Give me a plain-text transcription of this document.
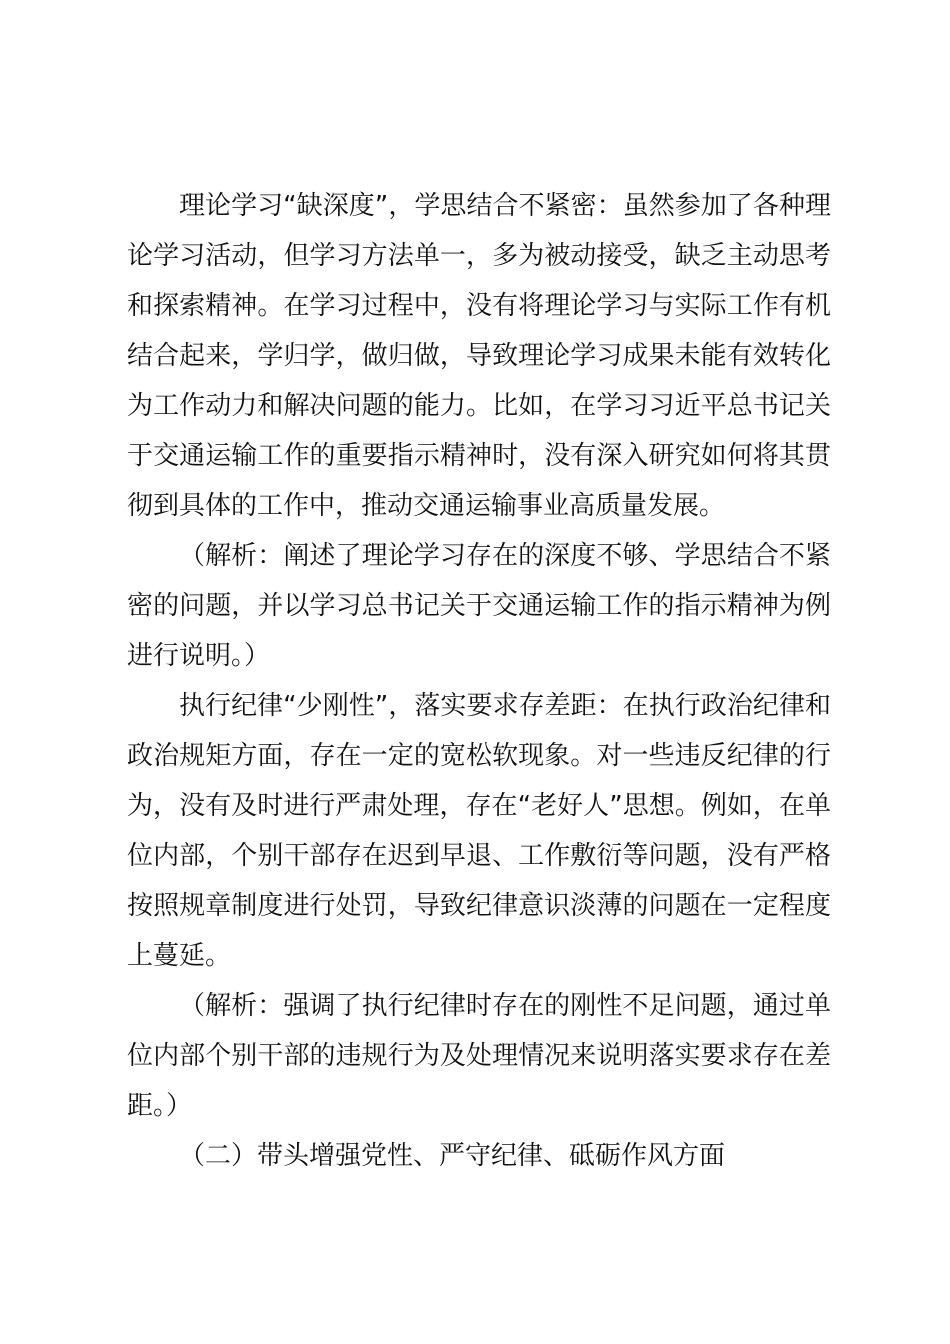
理论学习“缺深度”，学思结合不紧密：虽然参加了各种理论学习活动，但学习方法单一，多为被动接受，缺乏主动思考和探索精神。在学习过程中，没有将理论学习与实际工作有机结合起来，学归学，做归做，导致理论学习成果未能有效转化为工作动力和解决问题的能力。比如，在学习习近平总书记关于交通运输工作的重要指示精神时，没有深入研究如何将其贯彻到具体的工作中，推动交通运输事业高质量发展。

（解析：阐述了理论学习存在的深度不够、学思结合不紧密的问题，并以学习总书记关于交通运输工作的指示精神为例进行说明。）

执行纪律“少刚性”，落实要求存差距：在执行政治纪律和政治规矩方面，存在一定的宽松软现象。对一些违反纪律的行为，没有及时进行严肃处理，存在“老好人”思想。例如，在单位内部，个别干部存在迟到早退、工作敷衍等问题，没有严格按照规章制度进行处罚，导致纪律意识淡薄的问题在一定程度上蔓延。

（解析：强调了执行纪律时存在的刚性不足问题，通过单位内部个别干部的违规行为及处理情况来说明落实要求存在差距。）

（二）带头增强党性、严守纪律、砥砺作风方面
